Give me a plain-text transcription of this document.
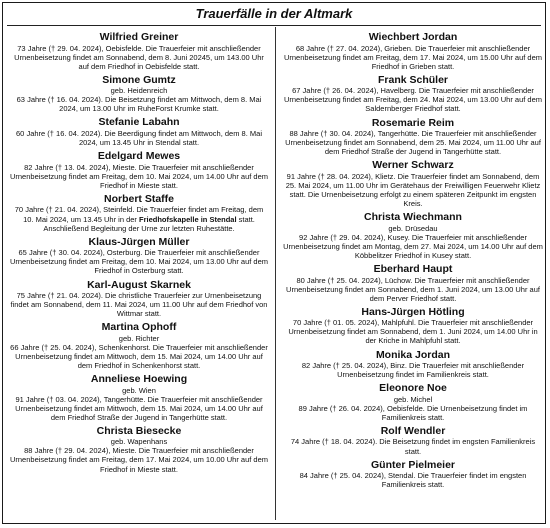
Trauerfälle in der Altmark
Wilfried Greiner
73 Jahre († 29. 04. 2024), Oebisfelde. Die Trauerfeier mit anschließender Urnenbeisetzung findet am Sonnabend, dem 8. Juni 20245, um 143.00 Uhr auf dem Friedhof in Oebisfelde statt.
Simone Gumtz
geb. Heidenreich
63 Jahre († 16. 04. 2024). Die Beisetzung findet am Mittwoch, dem 8. Mai 2024, um 13.00 Uhr im RuheForst Krumke statt.
Stefanie Labahn
60 Jahre († 16. 04. 2024). Die Beerdigung findet am Mittwoch, dem 8. Mai 2024, um 13.45 Uhr in Stendal statt.
Edelgard Mewes
82 Jahre († 13. 04. 2024), Mieste. Die Trauerfeier mit anschließender Urnenbeisetzung findet am Freitag, dem 10. Mai 2024, um 14.00 Uhr auf dem Friedhof in Mieste statt.
Norbert Staffe
70 Jahre († 21. 04. 2024), Steinfeld. Die Trauerfeier findet am Freitag, dem 10. Mai 2024, um 13.45 Uhr in der Friedhofskapelle in Stendal statt. Anschließend Begleitung der Urne zur letzten Ruhestätte.
Klaus-Jürgen Müller
65 Jahre († 30. 04. 2024), Osterburg. Die Trauerfeier mit anschließender Urnenbeisetzung findet am Freitag, dem 10. Mai 2024, um 13.00 Uhr auf dem Friedhof in Osterburg statt.
Karl-August Skarnek
75 Jahre († 21. 04. 2024). Die christliche Trauerfeier zur Urnenbeisetzung findet am Sonnabend, dem 11. Mai 2024, um 11.00 Uhr auf dem Friedhof von Wittmar statt.
Martina Ophoff
geb. Richter
66 Jahre († 25. 04. 2024), Schenkenhorst. Die Trauerfeier mit anschließender Urnenbeisetzung findet am Mittwoch, dem 15. Mai 2024, um 14.00 Uhr auf dem Friedhof in Schenkenhorst statt.
Anneliese Hoewing
geb. Wien
91 Jahre († 03. 04. 2024), Tangerhütte. Die Trauerfeier mit anschließender Urnenbeisetzung findet am Mittwoch, dem 15. Mai 2024, um 14.00 Uhr auf dem Friedhof Straße der Jugend in Tangerhütte statt.
Christa Biesecke
geb. Wapenhans
88 Jahre († 29. 04. 2024), Mieste. Die Trauerfeier mit anschließender Urnenbeisetzung findet am Freitag, dem 17. Mai 2024, um 10.00 Uhr auf dem Friedhof in Mieste statt.
Wiechbert Jordan
68 Jahre († 27. 04. 2024), Grieben. Die Trauerfeier mit anschließender Urnenbeisetzung findet am Freitag, dem 17. Mai 2024, um 15.00 Uhr auf dem Friedhof in Grieben statt.
Frank Schüler
67 Jahre († 26. 04. 2024), Havelberg. Die Trauerfeier mit anschließender Urnenbeisetzung findet am Freitag, dem 24. Mai 2024, um 13.00 Uhr auf dem Saldernberger Friedhof statt.
Rosemarie Reim
88 Jahre († 30. 04. 2024), Tangerhütte. Die Trauerfeier mit anschließender Urnenbeisetzung findet am Sonnabend, dem 25. Mai 2024, um 11.00 Uhr auf dem Friedhof Straße der Jugend in Tangerhütte statt.
Werner Schwarz
91 Jahre († 28. 04. 2024), Klietz. Die Trauerfeier findet am Sonnabend, dem 25. Mai 2024, um 11.00 Uhr im Gerätehaus der Freiwilligen Feuerwehr Klietz statt. Die Urnenbeisetzung erfolgt zu einem späteren Zeitpunkt im engsten Kreis.
Christa Wiechmann
geb. Drüsedau
92 Jahre († 29. 04. 2024), Kusey. Die Trauerfeier mit anschließender Urnenbeisetzung findet am Montag, dem 27. Mai 2024, um 14.00 Uhr auf dem Köbbelitzer Friedhof in Kusey statt.
Eberhard Haupt
80 Jahre († 25. 04. 2024), Lüchow. Die Trauerfeier mit anschließender Urnenbeisetzung findet am Sonnabend, dem 1. Juni 2024, um 13.00 Uhr auf dem Perver Friedhof statt.
Hans-Jürgen Hötling
70 Jahre († 01. 05. 2024), Mahlpfuhl. Die Trauerfeier mit anschließender Urnenbeisetzung findet am Sonnabend, dem 1. Juni 2024, um 14.00 Uhr in der Kriche in Mahlpfuhl statt.
Monika Jordan
82 Jahre († 25. 04. 2024), Binz. Die Trauerfeier mit anschließender Urnenbeisetzung findet im Familienkreis statt.
Eleonore Noe
geb. Michel
89 Jahre († 26. 04. 2024), Oebisfelde. Die Urnenbeisetzung findet im Familienkreis statt.
Rolf Wendler
74 Jahre († 18. 04. 2024). Die Beisetzung findet im engsten Familienkreis statt.
Günter Pielmeier
84 Jahre († 25. 04. 2024), Stendal. Die Trauerfeier findet im engsten Familienkreis statt.
